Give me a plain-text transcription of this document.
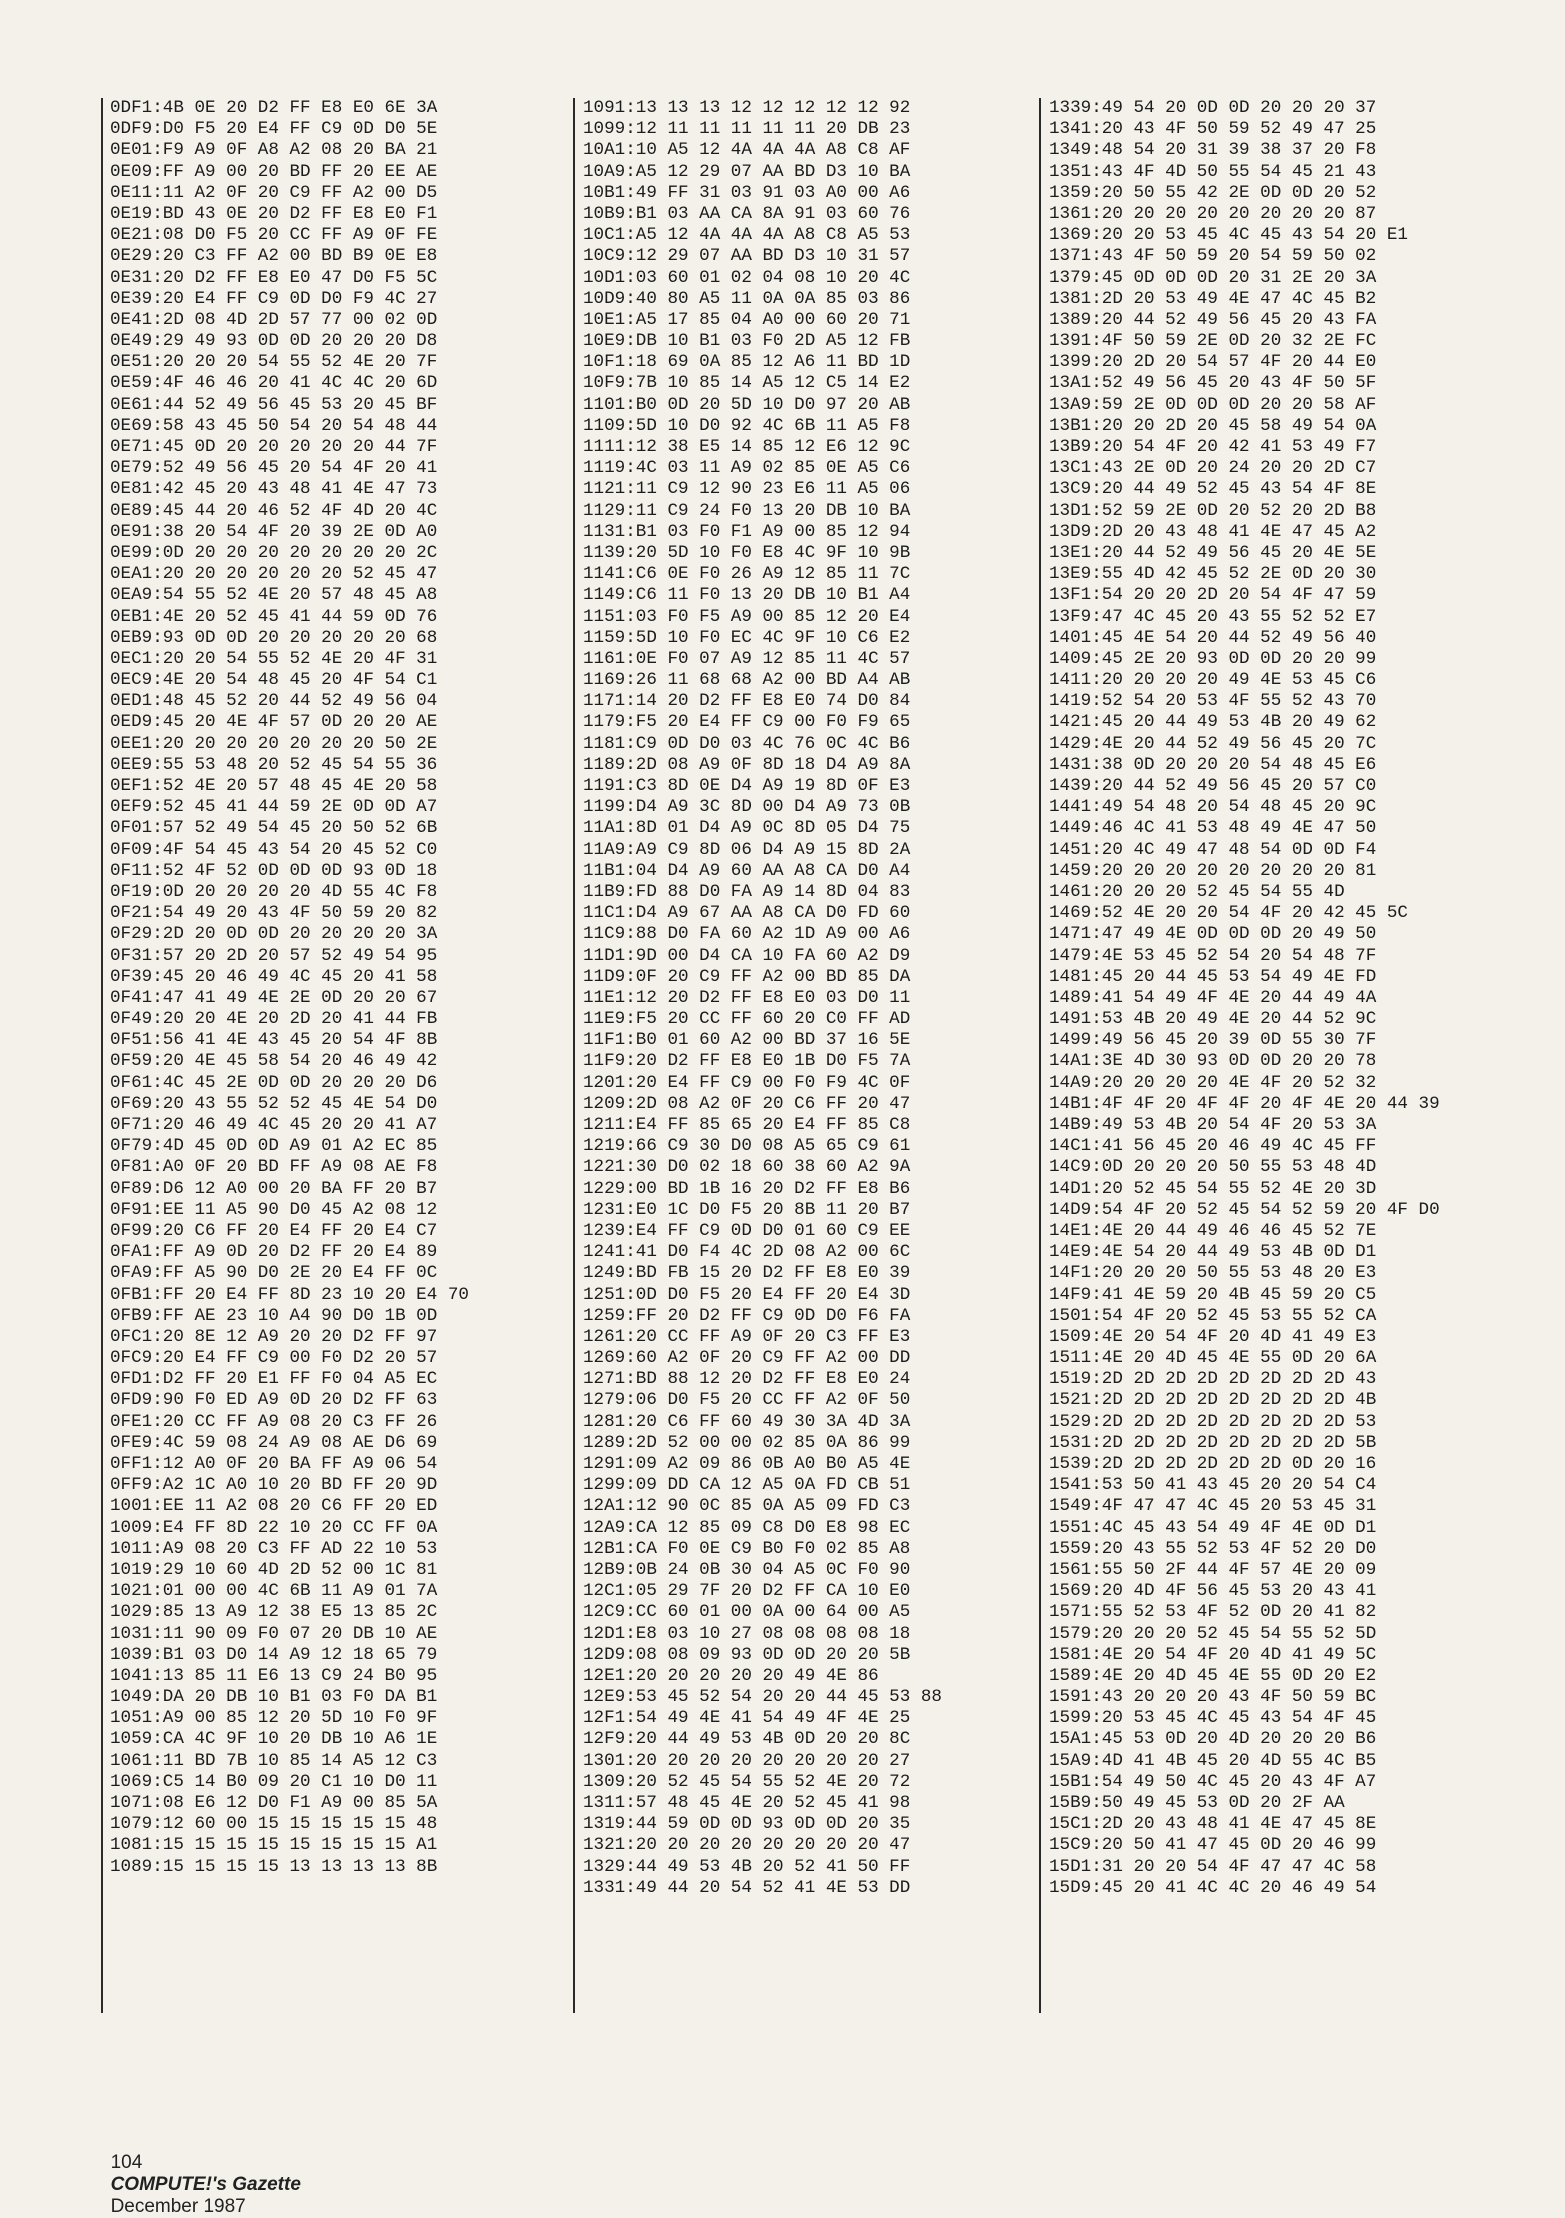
0DF1:4B 0E 20 D2 FF E8 E0 6E 3A
0DF9:D0 F5 20 E4 FF C9 0D D0 5E
0E01:F9 A9 0F A8 A2 08 20 BA 21
0E09:FF A9 00 20 BD FF 20 EE AE
0E11:11 A2 0F 20 C9 FF A2 00 D5
0E19:BD 43 0E 20 D2 FF E8 E0 F1
0E21:08 D0 F5 20 CC FF A9 0F FE
0E29:20 C3 FF A2 00 BD B9 0E E8
0E31:20 D2 FF E8 E0 47 D0 F5 5C
0E39:20 E4 FF C9 0D D0 F9 4C 27
0E41:2D 08 4D 2D 57 77 00 02 0D
0E49:29 49 93 0D 0D 20 20 20 D8
0E51:20 20 20 54 55 52 4E 20 7F
0E59:4F 46 46 20 41 4C 4C 20 6D
0E61:44 52 49 56 45 53 20 45 BF
0E69:58 43 45 50 54 20 54 48 44
0E71:45 0D 20 20 20 20 20 44 7F
0E79:52 49 56 45 20 54 4F 20 41
0E81:42 45 20 43 48 41 4E 47 73
0E89:45 44 20 46 52 4F 4D 20 4C
0E91:38 20 54 4F 20 39 2E 0D A0
0E99:0D 20 20 20 20 20 20 20 2C
0EA1:20 20 20 20 20 20 52 45 47
0EA9:54 55 52 4E 20 57 48 45 A8
0EB1:4E 20 52 45 41 44 59 0D 76
0EB9:93 0D 0D 20 20 20 20 20 68
0EC1:20 20 54 55 52 4E 20 4F 31
0EC9:4E 20 54 48 45 20 4F 54 C1
0ED1:48 45 52 20 44 52 49 56 04
0ED9:45 20 4E 4F 57 0D 20 20 AE
0EE1:20 20 20 20 20 20 20 50 2E
0EE9:55 53 48 20 52 45 54 55 36
0EF1:52 4E 20 57 48 45 4E 20 58
0EF9:52 45 41 44 59 2E 0D 0D A7
0F01:57 52 49 54 45 20 50 52 6B
0F09:4F 54 45 43 54 20 45 52 C0
0F11:52 4F 52 0D 0D 0D 93 0D 18
0F19:0D 20 20 20 20 4D 55 4C F8
0F21:54 49 20 43 4F 50 59 20 82
0F29:2D 20 0D 0D 20 20 20 20 3A
0F31:57 20 2D 20 57 52 49 54 95
0F39:45 20 46 49 4C 45 20 41 58
0F41:47 41 49 4E 2E 0D 20 20 67
0F49:20 20 4E 20 2D 20 41 44 FB
0F51:56 41 4E 43 45 20 54 4F 8B
0F59:20 4E 45 58 54 20 46 49 42
0F61:4C 45 2E 0D 0D 20 20 20 D6
0F69:20 43 55 52 52 45 4E 54 D0
0F71:20 46 49 4C 45 20 20 41 A7
0F79:4D 45 0D 0D A9 01 A2 EC 85
0F81:A0 0F 20 BD FF A9 08 AE F8
0F89:D6 12 A0 00 20 BA FF 20 B7
0F91:EE 11 A5 90 D0 45 A2 08 12
0F99:20 C6 FF 20 E4 FF 20 E4 C7
0FA1:FF A9 0D 20 D2 FF 20 E4 89
0FA9:FF A5 90 D0 2E 20 E4 FF 0C
0FB1:FF 20 E4 FF 8D 23 10 20 E4 70
0FB9:FF AE 23 10 A4 90 D0 1B 0D
0FC1:20 8E 12 A9 20 20 D2 FF 97
0FC9:20 E4 FF C9 00 F0 D2 20 57
0FD1:D2 FF 20 E1 FF F0 04 A5 EC
0FD9:90 F0 ED A9 0D 20 D2 FF 63
0FE1:20 CC FF A9 08 20 C3 FF 26
0FE9:4C 59 08 24 A9 08 AE D6 69
0FF1:12 A0 0F 20 BA FF A9 06 54
0FF9:A2 1C A0 10 20 BD FF 20 9D
1001:EE 11 A2 08 20 C6 FF 20 ED
1009:E4 FF 8D 22 10 20 CC FF 0A
1011:A9 08 20 C3 FF AD 22 10 53
1019:29 10 60 4D 2D 52 00 1C 81
1021:01 00 00 4C 6B 11 A9 01 7A
1029:85 13 A9 12 38 E5 13 85 2C
1031:11 90 09 F0 07 20 DB 10 AE
1039:B1 03 D0 14 A9 12 18 65 79
1041:13 85 11 E6 13 C9 24 B0 95
1049:DA 20 DB 10 B1 03 F0 DA B1
1051:A9 00 85 12 20 5D 10 F0 9F
1059:CA 4C 9F 10 20 DB 10 A6 1E
1061:11 BD 7B 10 85 14 A5 12 C3
1069:C5 14 B0 09 20 C1 10 D0 11
1071:08 E6 12 D0 F1 A9 00 85 5A
1079:12 60 00 15 15 15 15 15 48
1081:15 15 15 15 15 15 15 15 A1
1089:15 15 15 15 13 13 13 13 8B
1091:13 13 13 12 12 12 12 12 92
1099:12 11 11 11 11 11 20 DB 23
10A1:10 A5 12 4A 4A 4A A8 C8 AF
10A9:A5 12 29 07 AA BD D3 10 BA
10B1:49 FF 31 03 91 03 A0 00 A6
10B9:B1 03 AA CA 8A 91 03 60 76
10C1:A5 12 4A 4A 4A A8 C8 A5 53
10C9:12 29 07 AA BD D3 10 31 57
10D1:03 60 01 02 04 08 10 20 4C
10D9:40 80 A5 11 0A 0A 85 03 86
10E1:A5 17 85 04 A0 00 60 20 71
10E9:DB 10 B1 03 F0 2D A5 12 FB
10F1:18 69 0A 85 12 A6 11 BD 1D
10F9:7B 10 85 14 A5 12 C5 14 E2
1101:B0 0D 20 5D 10 D0 97 20 AB
1109:5D 10 D0 92 4C 6B 11 A5 F8
1111:12 38 E5 14 85 12 E6 12 9C
1119:4C 03 11 A9 02 85 0E A5 C6
1121:11 C9 12 90 23 E6 11 A5 06
1129:11 C9 24 F0 13 20 DB 10 BA
1131:B1 03 F0 F1 A9 00 85 12 94
1139:20 5D 10 F0 E8 4C 9F 10 9B
1141:C6 0E F0 26 A9 12 85 11 7C
1149:C6 11 F0 13 20 DB 10 B1 A4
1151:03 F0 F5 A9 00 85 12 20 E4
1159:5D 10 F0 EC 4C 9F 10 C6 E2
1161:0E F0 07 A9 12 85 11 4C 57
1169:26 11 68 68 A2 00 BD A4 AB
1171:14 20 D2 FF E8 E0 74 D0 84
1179:F5 20 E4 FF C9 00 F0 F9 65
1181:C9 0D D0 03 4C 76 0C 4C B6
1189:2D 08 A9 0F 8D 18 D4 A9 8A
1191:C3 8D 0E D4 A9 19 8D 0F E3
1199:D4 A9 3C 8D 00 D4 A9 73 0B
11A1:8D 01 D4 A9 0C 8D 05 D4 75
11A9:A9 C9 8D 06 D4 A9 15 8D 2A
11B1:04 D4 A9 60 AA A8 CA D0 A4
11B9:FD 88 D0 FA A9 14 8D 04 83
11C1:D4 A9 67 AA A8 CA D0 FD 60
11C9:88 D0 FA 60 A2 1D A9 00 A6
11D1:9D 00 D4 CA 10 FA 60 A2 D9
11D9:0F 20 C9 FF A2 00 BD 85 DA
11E1:12 20 D2 FF E8 E0 03 D0 11
11E9:F5 20 CC FF 60 20 C0 FF AD
11F1:B0 01 60 A2 00 BD 37 16 5E
11F9:20 D2 FF E8 E0 1B D0 F5 7A
1201:20 E4 FF C9 00 F0 F9 4C 0F
1209:2D 08 A2 0F 20 C6 FF 20 47
1211:E4 FF 85 65 20 E4 FF 85 C8
1219:66 C9 30 D0 08 A5 65 C9 61
1221:30 D0 02 18 60 38 60 A2 9A
1229:00 BD 1B 16 20 D2 FF E8 B6
1231:E0 1C D0 F5 20 8B 11 20 B7
1239:E4 FF C9 0D D0 01 60 C9 EE
1241:41 D0 F4 4C 2D 08 A2 00 6C
1249:BD FB 15 20 D2 FF E8 E0 39
1251:0D D0 F5 20 E4 FF 20 E4 3D
1259:FF 20 D2 FF C9 0D D0 F6 FA
1261:20 CC FF A9 0F 20 C3 FF E3
1269:60 A2 0F 20 C9 FF A2 00 DD
1271:BD 88 12 20 D2 FF E8 E0 24
1279:06 D0 F5 20 CC FF A2 0F 50
1281:20 C6 FF 60 49 30 3A 4D 3A
1289:2D 52 00 00 02 85 0A 86 99
1291:09 A2 09 86 0B A0 B0 A5 4E
1299:09 DD CA 12 A5 0A FD CB 51
12A1:12 90 0C 85 0A A5 09 FD C3
12A9:CA 12 85 09 C8 D0 E8 98 EC
12B1:CA F0 0E C9 B0 F0 02 85 A8
12B9:0B 24 0B 30 04 A5 0C F0 90
12C1:05 29 7F 20 D2 FF CA 10 E0
12C9:CC 60 01 00 0A 00 64 00 A5
12D1:E8 03 10 27 08 08 08 08 18
12D9:08 08 09 93 0D 0D 20 20 5B
12E1:20 20 20 20 20 49 4E 86
12E9:53 45 52 54 20 20 44 45 53 88
12F1:54 49 4E 41 54 49 4F 4E 25
12F9:20 44 49 53 4B 0D 20 20 8C
1301:20 20 20 20 20 20 20 20 27
1309:20 52 45 54 55 52 4E 20 72
1311:57 48 45 4E 20 52 45 41 98
1319:44 59 0D 0D 93 0D 0D 20 35
1321:20 20 20 20 20 20 20 20 47
1329:44 49 53 4B 20 52 41 50 FF
1331:49 44 20 54 52 41 4E 53 DD
1339:49 54 20 0D 0D 20 20 20 37
1341:20 43 4F 50 59 52 49 47 25
1349:48 54 20 31 39 38 37 20 F8
1351:43 4F 4D 50 55 54 45 21 43
1359:20 50 55 42 2E 0D 0D 20 52
1361:20 20 20 20 20 20 20 20 87
1369:20 20 53 45 4C 45 43 54 20 E1
1371:43 4F 50 59 20 54 59 50 02
1379:45 0D 0D 0D 20 31 2E 20 3A
1381:2D 20 53 49 4E 47 4C 45 B2
1389:20 44 52 49 56 45 20 43 FA
1391:4F 50 59 2E 0D 20 32 2E FC
1399:20 2D 20 54 57 4F 20 44 E0
13A1:52 49 56 45 20 43 4F 50 5F
13A9:59 2E 0D 0D 0D 20 20 58 AF
13B1:20 20 2D 20 45 58 49 54 0A
13B9:20 54 4F 20 42 41 53 49 F7
13C1:43 2E 0D 20 24 20 20 2D C7
13C9:20 44 49 52 45 43 54 4F 8E
13D1:52 59 2E 0D 20 52 20 2D B8
13D9:2D 20 43 48 41 4E 47 45 A2
13E1:20 44 52 49 56 45 20 4E 5E
13E9:55 4D 42 45 52 2E 0D 20 30
13F1:54 20 20 2D 20 54 4F 47 59
13F9:47 4C 45 20 43 55 52 52 E7
1401:45 4E 54 20 44 52 49 56 40
1409:45 2E 20 93 0D 0D 20 20 99
1411:20 20 20 20 49 4E 53 45 C6
1419:52 54 20 53 4F 55 52 43 70
1421:45 20 44 49 53 4B 20 49 62
1429:4E 20 44 52 49 56 45 20 7C
1431:38 0D 20 20 20 54 48 45 E6
1439:20 44 52 49 56 45 20 57 C0
1441:49 54 48 20 54 48 45 20 9C
1449:46 4C 41 53 48 49 4E 47 50
1451:20 4C 49 47 48 54 0D 0D F4
1459:20 20 20 20 20 20 20 20 81
1461:20 20 20 52 45 54 55 4D
1469:52 4E 20 20 54 4F 20 42 45 5C
1471:47 49 4E 0D 0D 0D 20 49 50
1479:4E 53 45 52 54 20 54 48 7F
1481:45 20 44 45 53 54 49 4E FD
1489:41 54 49 4F 4E 20 44 49 4A
1491:53 4B 20 49 4E 20 44 52 9C
1499:49 56 45 20 39 0D 55 30 7F
14A1:3E 4D 30 93 0D 0D 20 20 78
14A9:20 20 20 20 4E 4F 20 52 32
14B1:4F 4F 20 4F 4F 20 4F 4E 20 44 39
14B9:49 53 4B 20 54 4F 20 53 3A
14C1:41 56 45 20 46 49 4C 45 FF
14C9:0D 20 20 20 50 55 53 48 4D
14D1:20 52 45 54 55 52 4E 20 3D
14D9:54 4F 20 52 45 54 52 59 20 4F D0
14E1:4E 20 44 49 46 46 45 52 7E
14E9:4E 54 20 44 49 53 4B 0D D1
14F1:20 20 20 50 55 53 48 20 E3
14F9:41 4E 59 20 4B 45 59 20 C5
1501:54 4F 20 52 45 53 55 52 CA
1509:4E 20 54 4F 20 4D 41 49 E3
1511:4E 20 4D 45 4E 55 0D 20 6A
1519:2D 2D 2D 2D 2D 2D 2D 2D 43
1521:2D 2D 2D 2D 2D 2D 2D 2D 4B
1529:2D 2D 2D 2D 2D 2D 2D 2D 53
1531:2D 2D 2D 2D 2D 2D 2D 2D 5B
1539:2D 2D 2D 2D 2D 2D 0D 20 16
1541:53 50 41 43 45 20 20 54 C4
1549:4F 47 47 4C 45 20 53 45 31
1551:4C 45 43 54 49 4F 4E 0D D1
1559:20 43 55 52 53 4F 52 20 D0
1561:55 50 2F 44 4F 57 4E 20 09
1569:20 4D 4F 56 45 53 20 43 41
1571:55 52 53 4F 52 0D 20 41 82
1579:20 20 20 52 45 54 55 52 5D
1581:4E 20 54 4F 20 4D 41 49 5C
1589:4E 20 4D 45 4E 55 0D 20 E2
1591:43 20 20 20 43 4F 50 59 BC
1599:20 53 45 4C 45 43 54 4F 45
15A1:45 53 0D 20 4D 20 20 20 B6
15A9:4D 41 4B 45 20 4D 55 4C B5
15B1:54 49 50 4C 45 20 43 4F A7
15B9:50 49 45 53 0D 20 2F AA
15C1:2D 20 43 48 41 4E 47 45 8E
15C9:20 50 41 47 45 0D 20 46 99
15D1:31 20 20 54 4F 47 47 4C 58
15D9:45 20 41 4C 4C 20 46 49 54

104
COMPUTE!'s Gazette
December 1987
